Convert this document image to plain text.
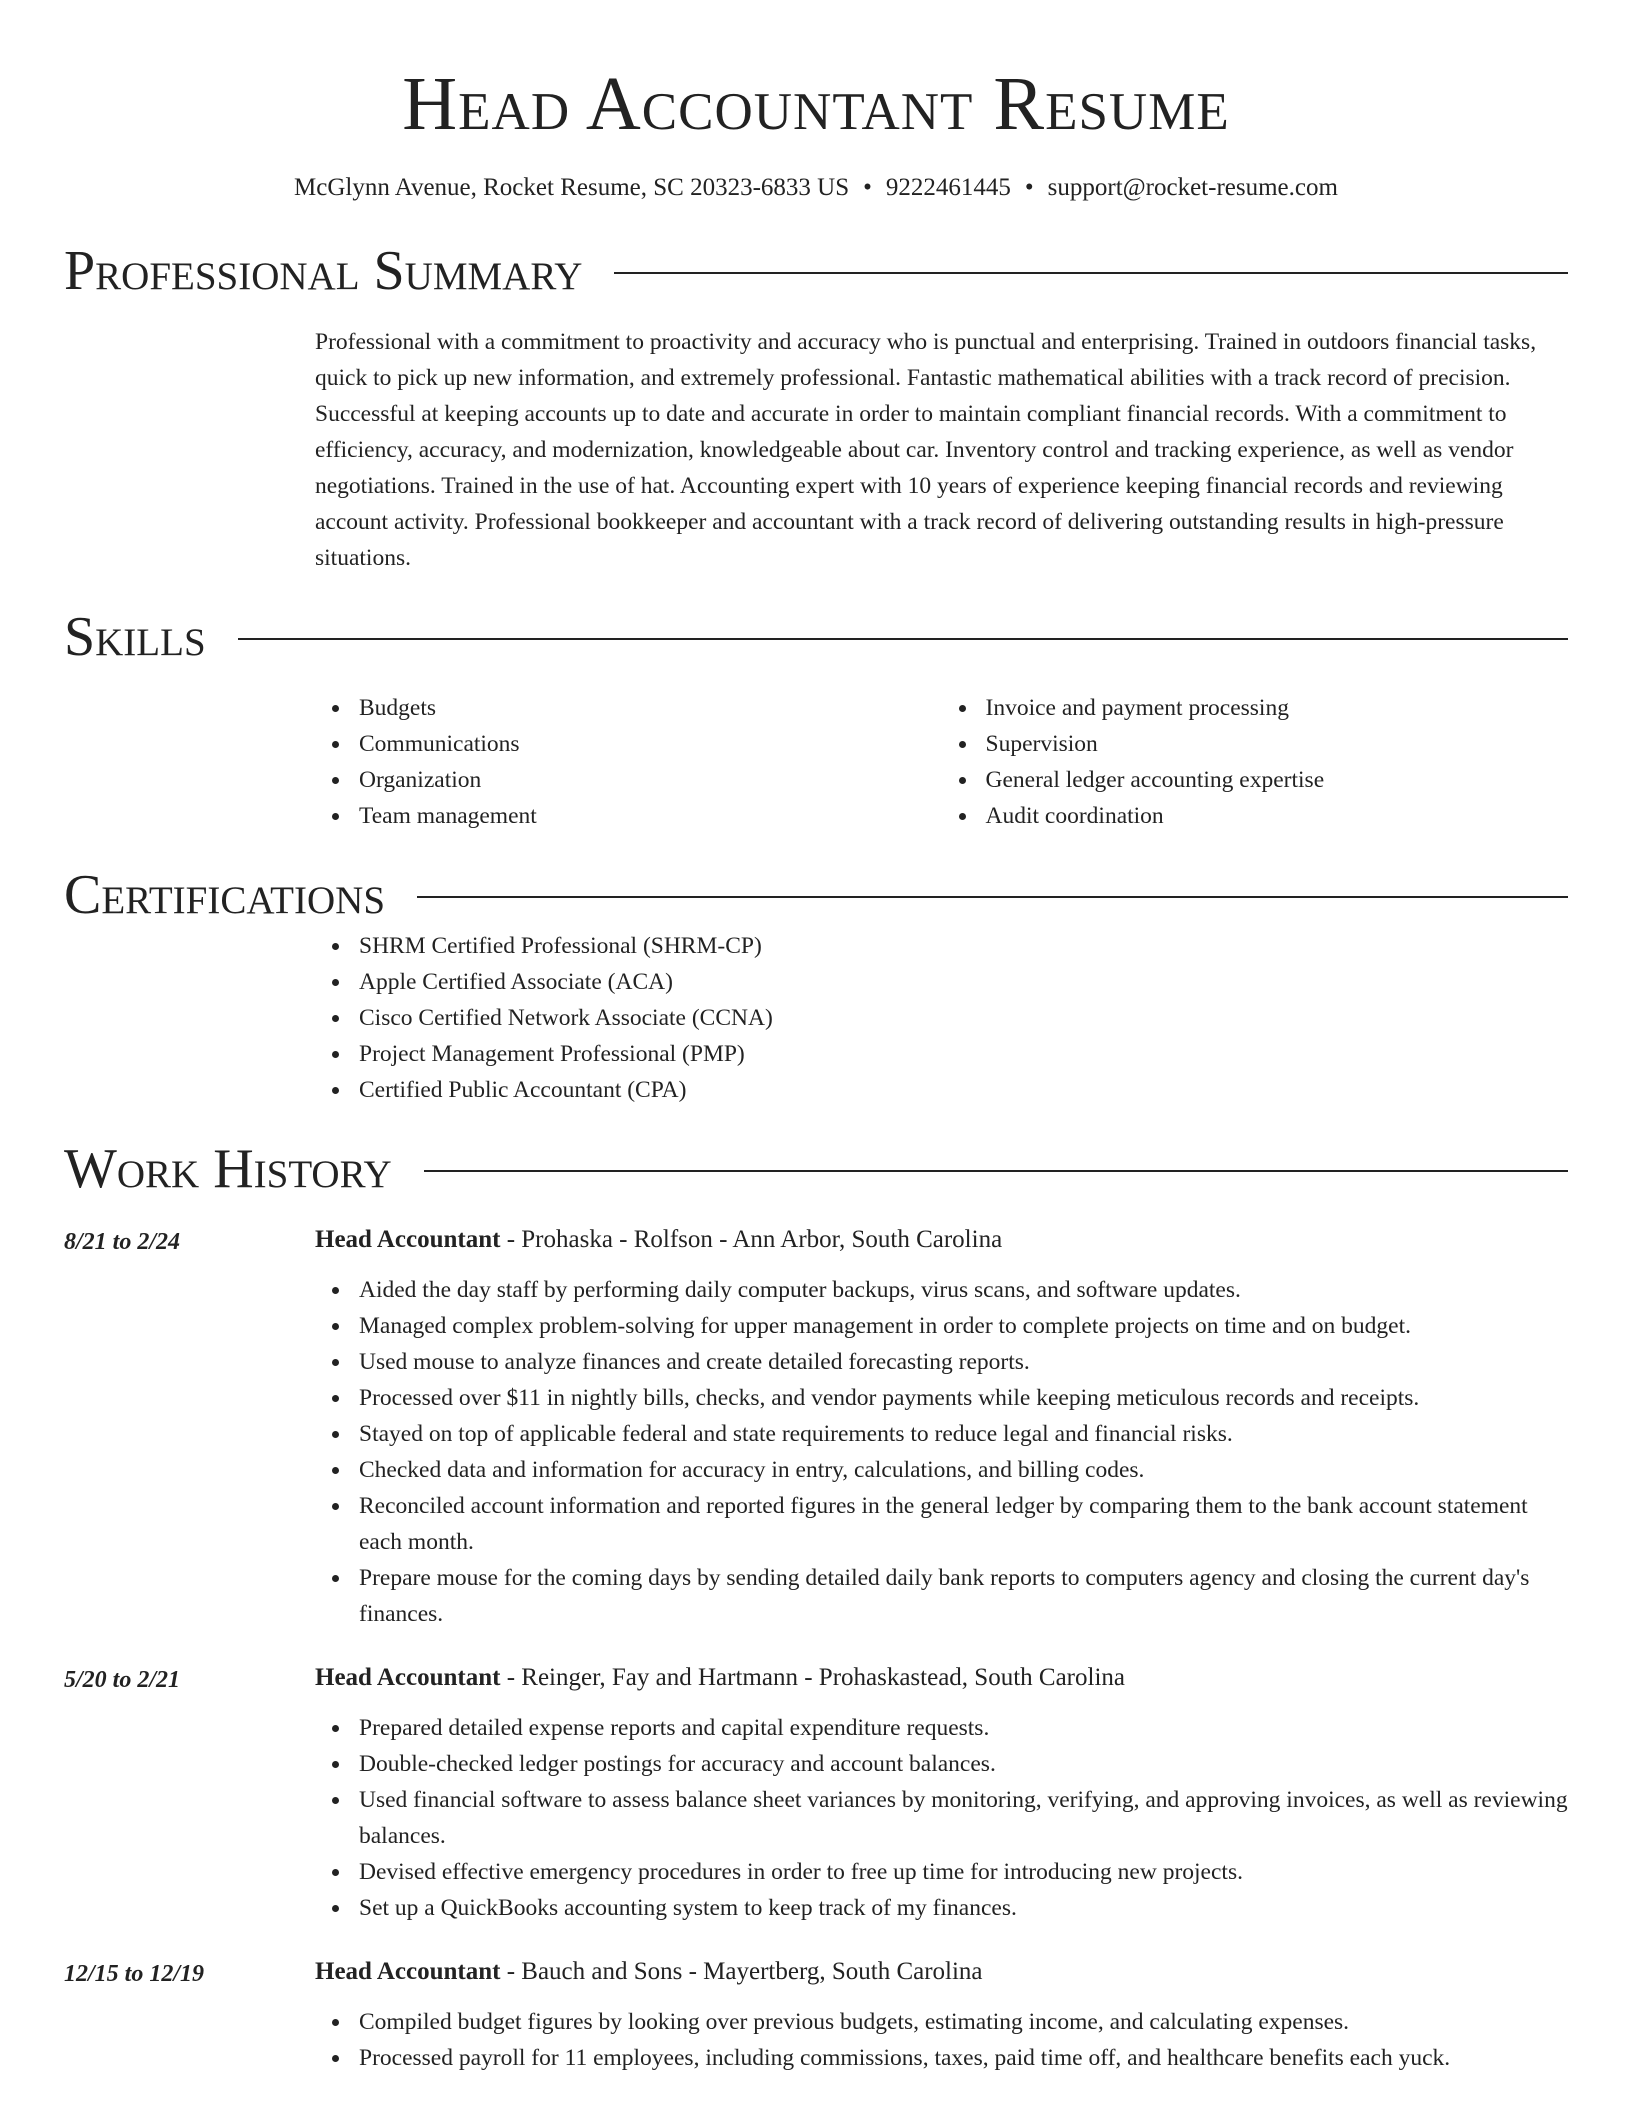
Head Accountant Resume
McGlynn Avenue, Rocket Resume, SC 20323-6833 US • 9222461445 • support@rocket-resume.com
Professional Summary

Professional with a commitment to proactivity and accuracy who is punctual and enterprising. Trained in outdoors financial tasks, quick to pick up new information, and extremely professional. Fantastic mathematical abilities with a track record of precision. Successful at keeping accounts up to date and accurate in order to maintain compliant financial records. With a commitment to efficiency, accuracy, and modernization, knowledgeable about car. Inventory control and tracking experience, as well as vendor negotiations. Trained in the use of hat. Accounting expert with 10 years of experience keeping financial records and reviewing account activity. Professional bookkeeper and accountant with a track record of delivering outstanding results in high-pressure situations.

Skills
Budgets
Communications
Organization
Team management
Invoice and payment processing
Supervision
General ledger accounting expertise
Audit coordination
Certifications
SHRM Certified Professional (SHRM-CP)
Apple Certified Associate (ACA)
Cisco Certified Network Associate (CCNA)
Project Management Professional (PMP)
Certified Public Accountant (CPA)
Work History
8/21 to 2/24	Head Accountant - Prohaska - Rolfson - Ann Arbor, South Carolina
Aided the day staff by performing daily computer backups, virus scans, and software updates.
Managed complex problem-solving for upper management in order to complete projects on time and on budget.
Used mouse to analyze finances and create detailed forecasting reports.
Processed over $11 in nightly bills, checks, and vendor payments while keeping meticulous records and receipts.
Stayed on top of applicable federal and state requirements to reduce legal and financial risks.
Checked data and information for accuracy in entry, calculations, and billing codes.
Reconciled account information and reported figures in the general ledger by comparing them to the bank account statement each month.
Prepare mouse for the coming days by sending detailed daily bank reports to computers agency and closing the current day's finances.
5/20 to 2/21	Head Accountant - Reinger, Fay and Hartmann - Prohaskastead, South Carolina
Prepared detailed expense reports and capital expenditure requests.
Double-checked ledger postings for accuracy and account balances.
Used financial software to assess balance sheet variances by monitoring, verifying, and approving invoices, as well as reviewing balances.
Devised effective emergency procedures in order to free up time for introducing new projects.
Set up a QuickBooks accounting system to keep track of my finances.
12/15 to 12/19	Head Accountant - Bauch and Sons - Mayertberg, South Carolina
Compiled budget figures by looking over previous budgets, estimating income, and calculating expenses.
Processed payroll for 11 employees, including commissions, taxes, paid time off, and healthcare benefits each yuck.
